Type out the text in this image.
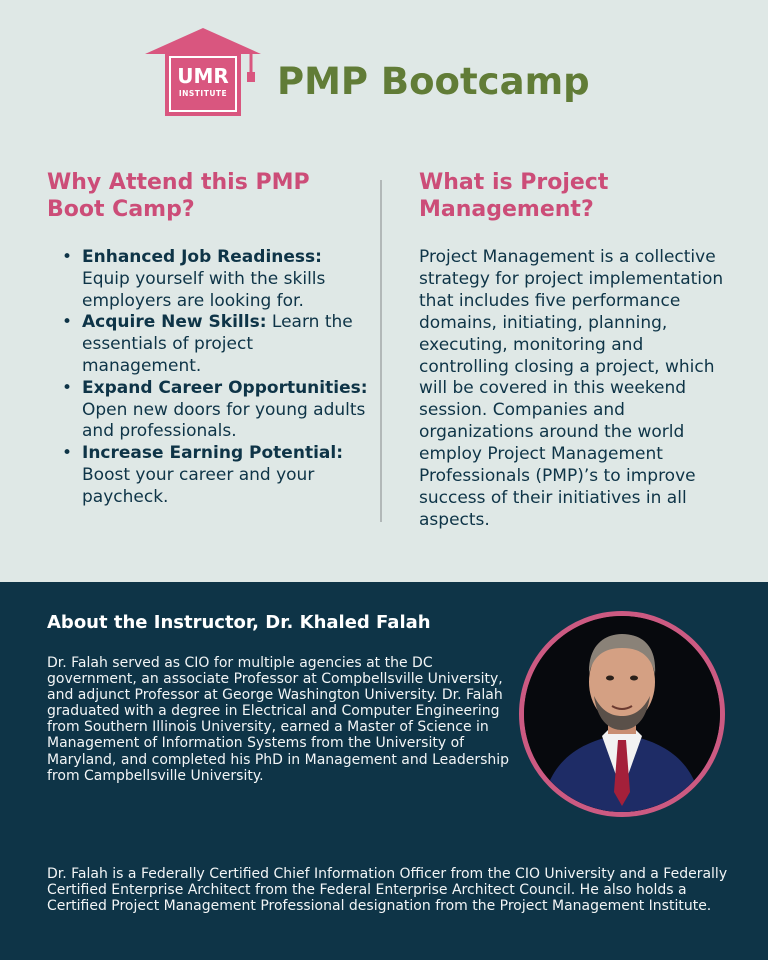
UMR
INSTITUTE	PMP Bootcamp
Why Attend this PMP Boot Camp?
• Enhanced Job Readiness: Equip yourself with the skills employers are looking for.
• Acquire New Skills: Learn the essentials of project management.
• Expand Career Opportunities: Open new doors for young adults and professionals.
• Increase Earning Potential: Boost your career and your paycheck.
What is Project Management?
Project Management is a collective strategy for project implementation that includes five performance domains, initiating, planning, executing, monitoring and controlling closing a project, which will be covered in this weekend session. Companies and organizations around the world employ Project Management Professionals (PMP)’s to improve success of their initiatives in all aspects.
About the Instructor, Dr. Khaled Falah
Dr. Falah served as CIO for multiple agencies at the DC government, an associate Professor at Compbellsville University, and adjunct Professor at George Washington University. Dr. Falah graduated with a degree in Electrical and Computer Engineering from Southern Illinois University, earned a Master of Science in Management of Information Systems from the University of Maryland, and completed his PhD in Management and Leadership from Campbellsville University.
Dr. Falah is a Federally Certified Chief Information Officer from the CIO University and a Federally Certified Enterprise Architect from the Federal Enterprise Architect Council. He also holds a Certified Project Management Professional designation from the Project Management Institute.
